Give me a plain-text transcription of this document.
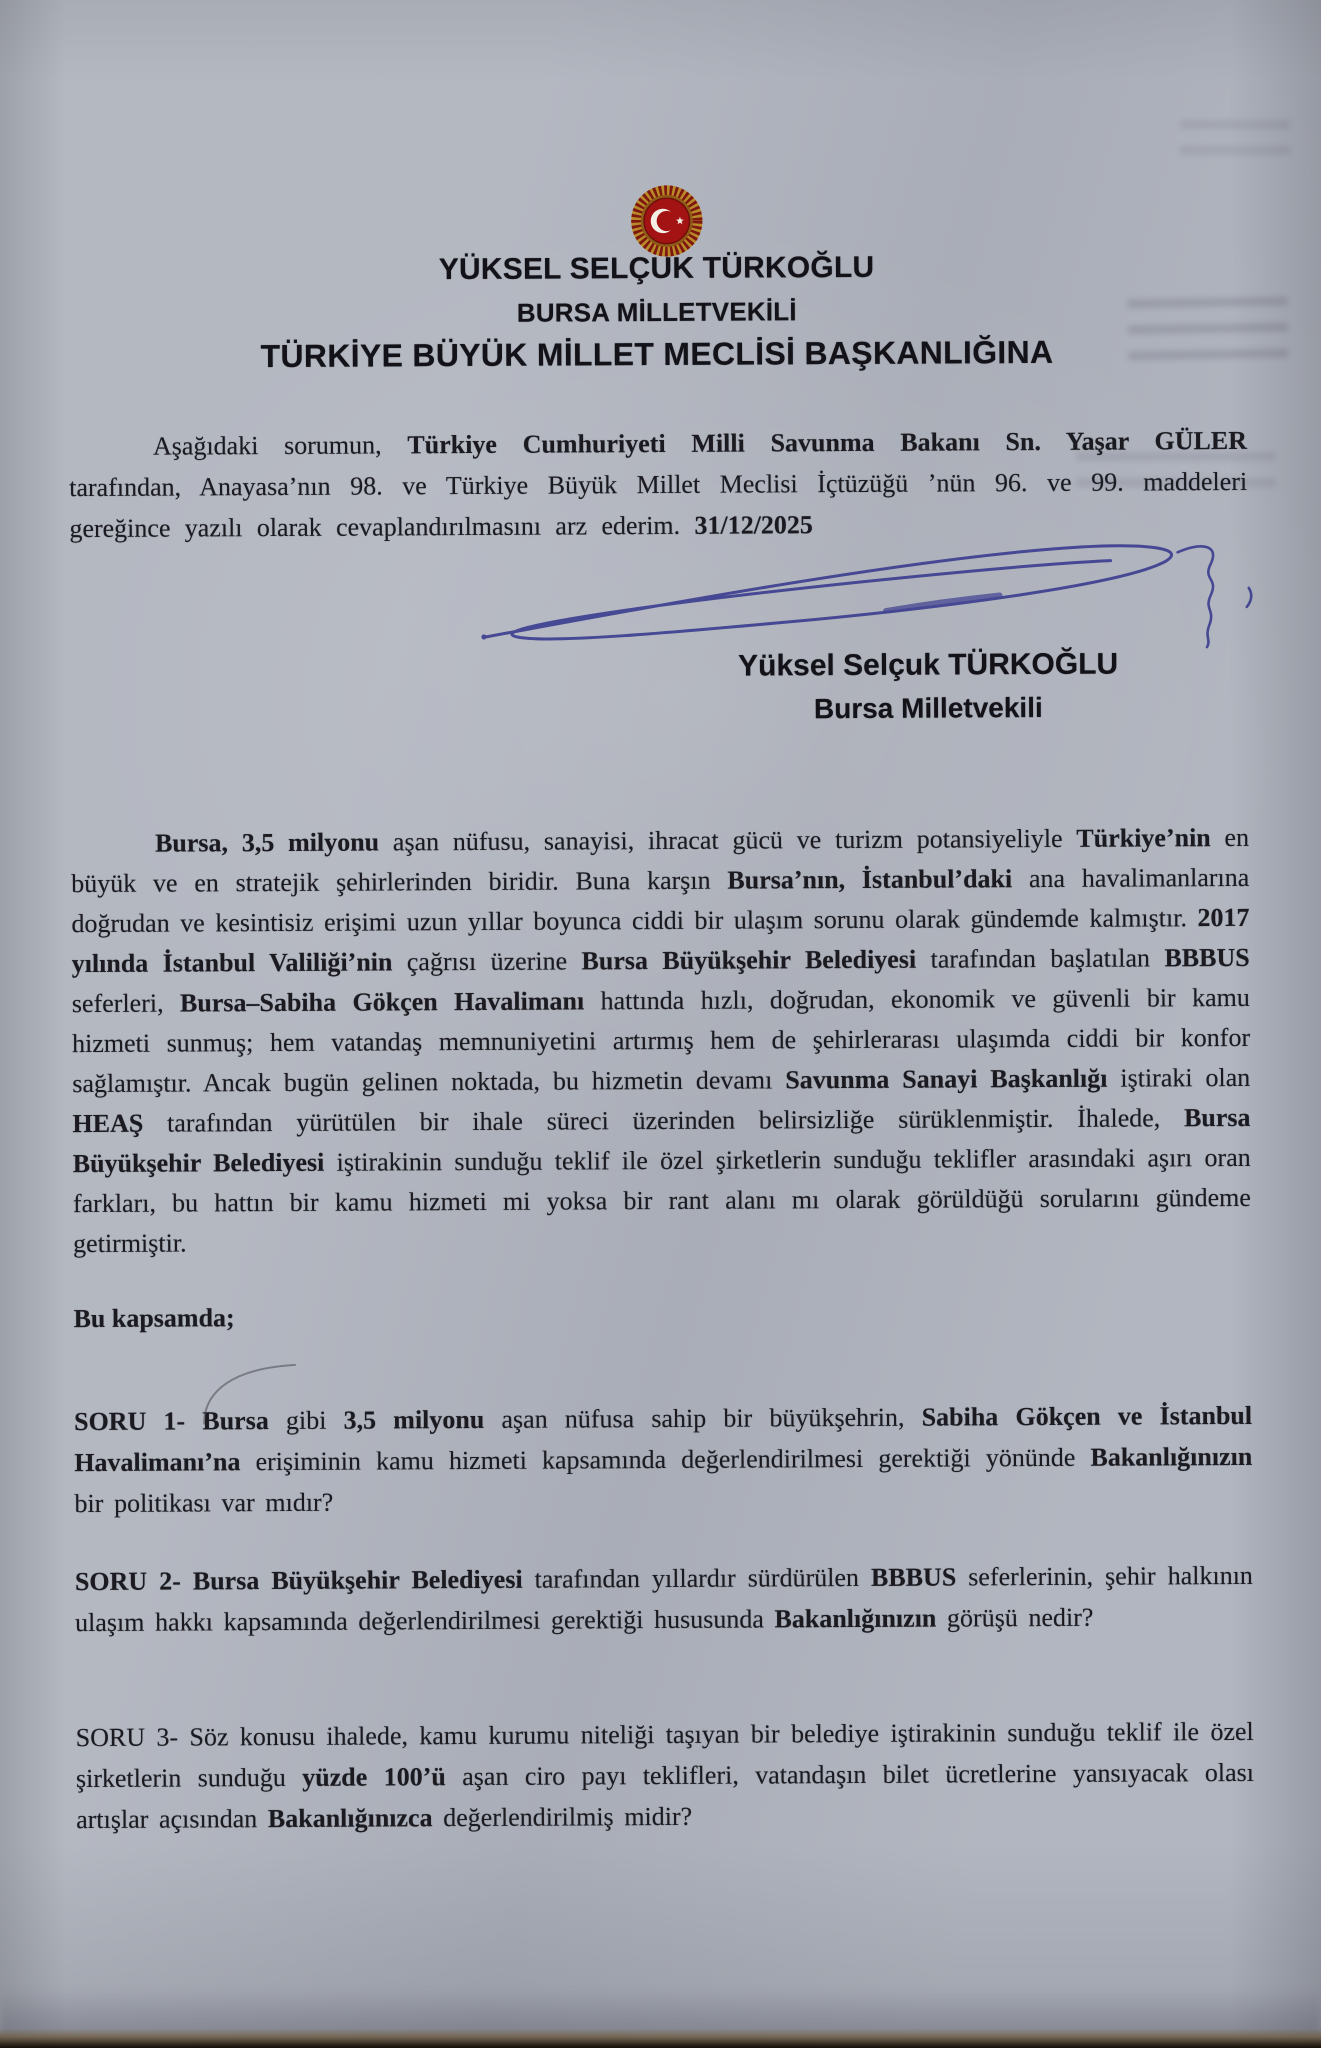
YÜKSEL SELÇUK TÜRKOĞLU
BURSA MİLLETVEKİLİ
TÜRKİYE BÜYÜK MİLLET MECLİSİ BAŞKANLIĞINA

Aşağıdaki sorumun, Türkiye Cumhuriyeti Milli Savunma Bakanı Sn. Yaşar GÜLER tarafından, Anayasa’nın 98. ve Türkiye Büyük Millet Meclisi İçtüzüğü ’nün 96. ve 99. maddeleri gereğince yazılı olarak cevaplandırılmasını arz ederim. 31/12/2025

Yüksel Selçuk TÜRKOĞLU
Bursa Milletvekili

Bursa, 3,5 milyonu aşan nüfusu, sanayisi, ihracat gücü ve turizm potansiyeliyle Türkiye’nin en büyük ve en stratejik şehirlerinden biridir. Buna karşın Bursa’nın, İstanbul’daki ana havalimanlarına doğrudan ve kesintisiz erişimi uzun yıllar boyunca ciddi bir ulaşım sorunu olarak gündemde kalmıştır. 2017 yılında İstanbul Valiliği’nin çağrısı üzerine Bursa Büyükşehir Belediyesi tarafından başlatılan BBBUS seferleri, Bursa–Sabiha Gökçen Havalimanı hattında hızlı, doğrudan, ekonomik ve güvenli bir kamu hizmeti sunmuş; hem vatandaş memnuniyetini artırmış hem de şehirlerarası ulaşımda ciddi bir konfor sağlamıştır. Ancak bugün gelinen noktada, bu hizmetin devamı Savunma Sanayi Başkanlığı iştiraki olan HEAŞ tarafından yürütülen bir ihale süreci üzerinden belirsizliğe sürüklenmiştir. İhalede, Bursa Büyükşehir Belediyesi iştirakinin sunduğu teklif ile özel şirketlerin sunduğu teklifler arasındaki aşırı oran farkları, bu hattın bir kamu hizmeti mi yoksa bir rant alanı mı olarak görüldüğü sorularını gündeme getirmiştir.

Bu kapsamda;

SORU 1- Bursa gibi 3,5 milyonu aşan nüfusa sahip bir büyükşehrin, Sabiha Gökçen ve İstanbul Havalimanı’na erişiminin kamu hizmeti kapsamında değerlendirilmesi gerektiği yönünde Bakanlığınızın bir politikası var mıdır?

SORU 2- Bursa Büyükşehir Belediyesi tarafından yıllardır sürdürülen BBBUS seferlerinin, şehir halkının ulaşım hakkı kapsamında değerlendirilmesi gerektiği hususunda Bakanlığınızın görüşü nedir?

SORU 3- Söz konusu ihalede, kamu kurumu niteliği taşıyan bir belediye iştirakinin sunduğu teklif ile özel şirketlerin sunduğu yüzde 100’ü aşan ciro payı teklifleri, vatandaşın bilet ücretlerine yansıyacak olası artışlar açısından Bakanlığınızca değerlendirilmiş midir?
